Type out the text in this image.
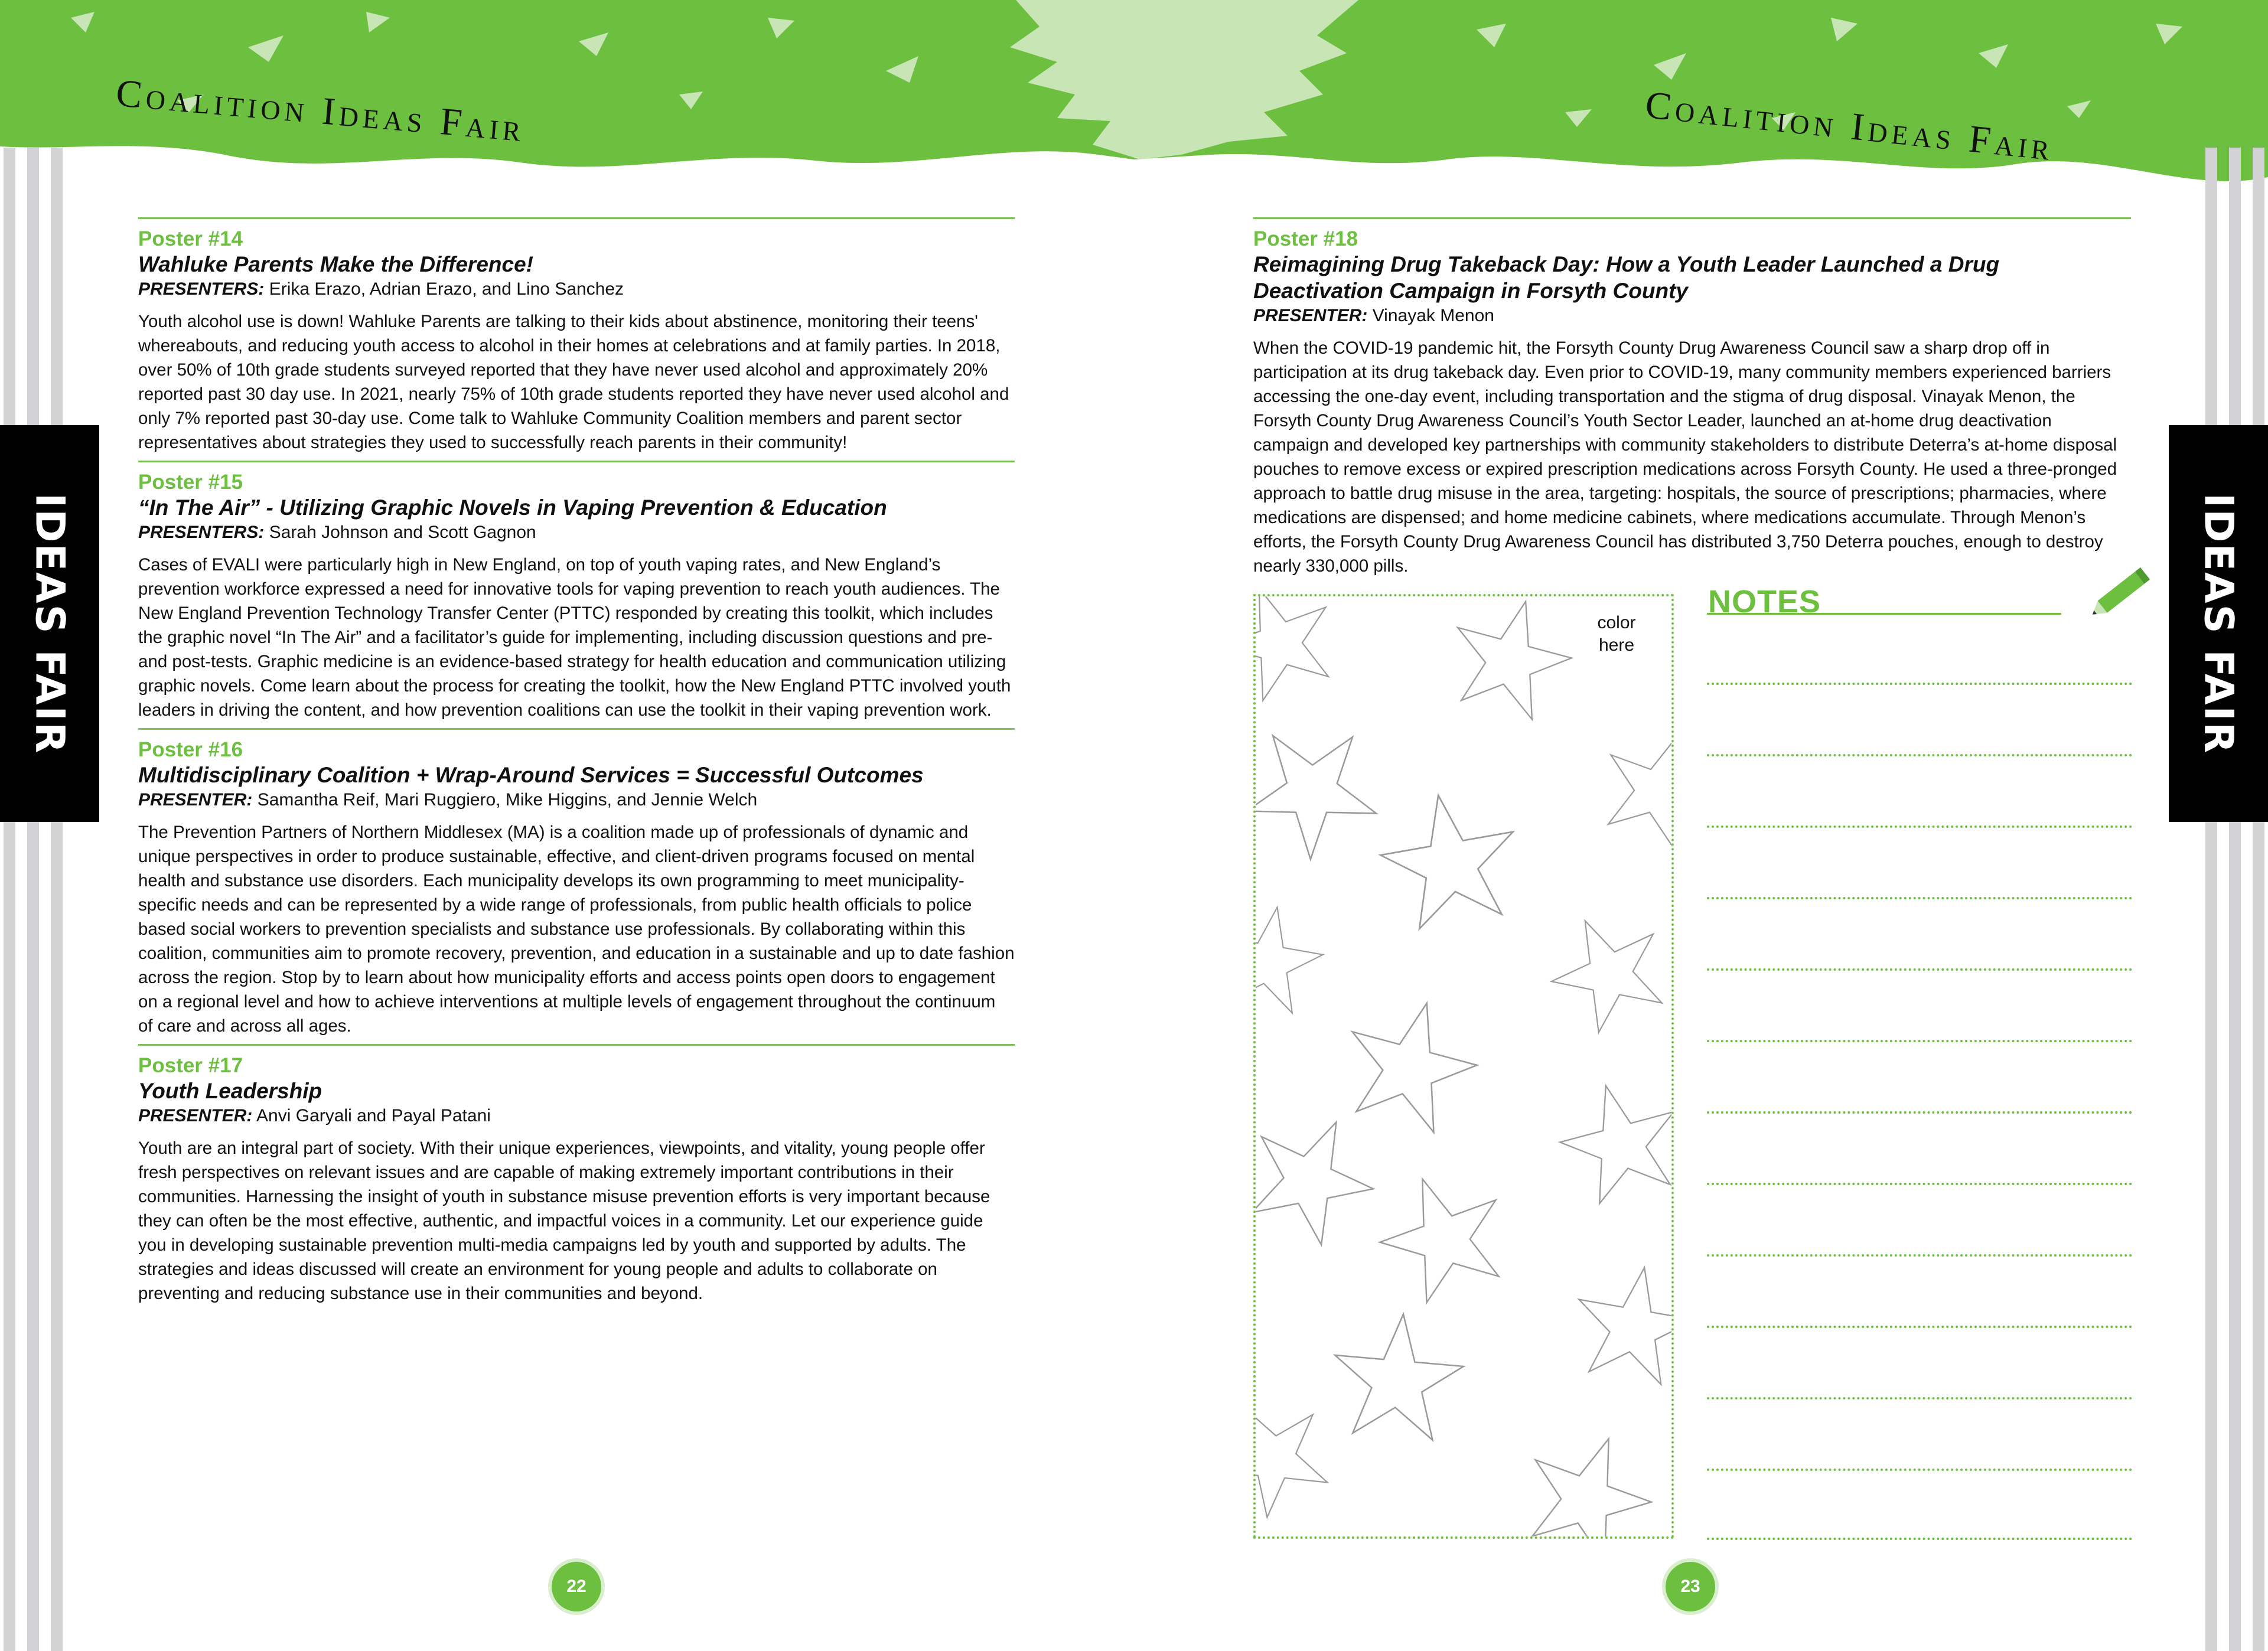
Coalition Ideas Fair	Coalition Ideas Fair
IDEAS FAIR	IDEAS FAIR
Poster #14
Wahluke Parents Make the Difference!
PRESENTERS: Erika Erazo, Adrian Erazo, and Lino Sanchez
Youth alcohol use is down! Wahluke Parents are talking to their kids about abstinence, monitoring their teens' whereabouts, and reducing youth access to alcohol in their homes at celebrations and at family parties. In 2018, over 50% of 10th grade students surveyed reported that they have never used alcohol and approximately 20% reported past 30 day use. In 2021, nearly 75% of 10th grade students reported they have never used alcohol and only 7% reported past 30-day use. Come talk to Wahluke Community Coalition members and parent sector representatives about strategies they used to successfully reach parents in their community!
Poster #15
“In The Air” - Utilizing Graphic Novels in Vaping Prevention & Education
PRESENTERS: Sarah Johnson and Scott Gagnon
Cases of EVALI were particularly high in New England, on top of youth vaping rates, and New England’s prevention workforce expressed a need for innovative tools for vaping prevention to reach youth audiences. The New England Prevention Technology Transfer Center (PTTC) responded by creating this toolkit, which includes the graphic novel “In The Air” and a facilitator’s guide for implementing, including discussion questions and pre- and post-tests. Graphic medicine is an evidence-based strategy for health education and communication utilizing graphic novels. Come learn about the process for creating the toolkit, how the New England PTTC involved youth leaders in driving the content, and how prevention coalitions can use the toolkit in their vaping prevention work.
Poster #16
Multidisciplinary Coalition + Wrap-Around Services = Successful Outcomes
PRESENTER: Samantha Reif, Mari Ruggiero, Mike Higgins, and Jennie Welch
The Prevention Partners of Northern Middlesex (MA) is a coalition made up of professionals of dynamic and unique perspectives in order to produce sustainable, effective, and client-driven programs focused on mental health and substance use disorders. Each municipality develops its own programming to meet municipality-specific needs and can be represented by a wide range of professionals, from public health officials to police based social workers to prevention specialists and substance use professionals. By collaborating within this coalition, communities aim to promote recovery, prevention, and education in a sustainable and up to date fashion across the region. Stop by to learn about how municipality efforts and access points open doors to engagement on a regional level and how to achieve interventions at multiple levels of engagement throughout the continuum of care and across all ages.
Poster #17
Youth Leadership
PRESENTER: Anvi Garyali and Payal Patani
Youth are an integral part of society. With their unique experiences, viewpoints, and vitality, young people offer fresh perspectives on relevant issues and are capable of making extremely important contributions in their communities. Harnessing the insight of youth in substance misuse prevention efforts is very important because they can often be the most effective, authentic, and impactful voices in a community. Let our experience guide you in developing sustainable prevention multi-media campaigns led by youth and supported by adults. The strategies and ideas discussed will create an environment for young people and adults to collaborate on preventing and reducing substance use in their communities and beyond.
Poster #18
Reimagining Drug Takeback Day: How a Youth Leader Launched a Drug Deactivation Campaign in Forsyth County
PRESENTER: Vinayak Menon
When the COVID-19 pandemic hit, the Forsyth County Drug Awareness Council saw a sharp drop off in participation at its drug takeback day. Even prior to COVID-19, many community members experienced barriers accessing the one-day event, including transportation and the stigma of drug disposal. Vinayak Menon, the Forsyth County Drug Awareness Council’s Youth Sector Leader, launched an at-home drug deactivation campaign and developed key partnerships with community stakeholders to distribute Deterra’s at-home disposal pouches to remove excess or expired prescription medications across Forsyth County. He used a three-pronged approach to battle drug misuse in the area, targeting: hospitals, the source of prescriptions; pharmacies, where medications are dispensed; and home medicine cabinets, where medications accumulate. Through Menon’s efforts, the Forsyth County Drug Awareness Council has distributed 3,750 Deterra pouches, enough to destroy nearly 330,000 pills.
color here
NOTES
22	23
